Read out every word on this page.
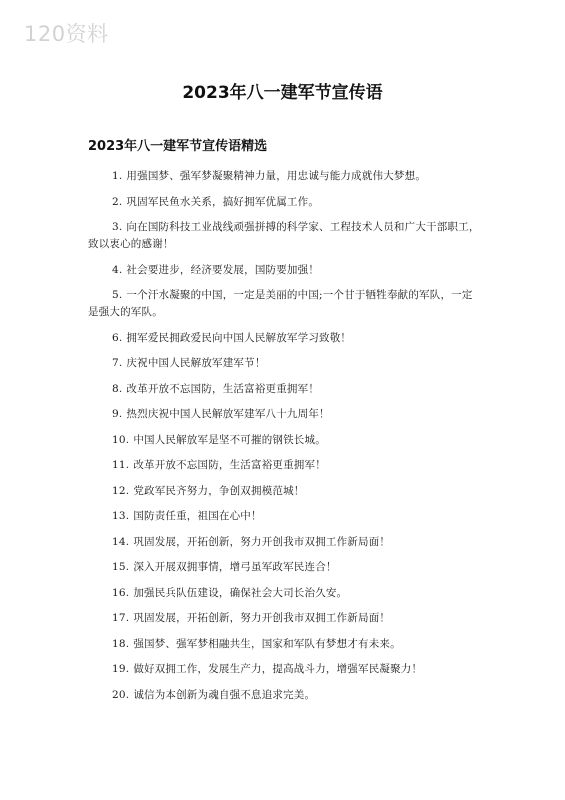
120资料
2023年八一建军节宣传语
2023年八一建军节宣传语精选

1. 用强国梦、强军梦凝聚精神力量，用忠诚与能力成就伟大梦想。

2. 巩固军民鱼水关系，搞好拥军优属工作。

3. 向在国防科技工业战线顽强拼搏的科学家、工程技术人员和广大干部职工，致以衷心的感谢！

4. 社会要进步，经济要发展，国防要加强！

5. 一个汗水凝聚的中国，一定是美丽的中国;一个甘于牺牲奉献的军队，一定是强大的军队。

6. 拥军爱民拥政爱民向中国人民解放军学习致敬！

7. 庆祝中国人民解放军建军节！

8. 改革开放不忘国防，生活富裕更重拥军！

9. 热烈庆祝中国人民解放军建军八十九周年！

10. 中国人民解放军是坚不可摧的钢铁长城。

11. 改革开放不忘国防，生活富裕更重拥军！

12. 党政军民齐努力，争创双拥模范城！

13. 国防责任重，祖国在心中！

14. 巩固发展，开拓创新，努力开创我市双拥工作新局面！

15. 深入开展双拥事情，增弓虽军政军民连合！

16. 加强民兵队伍建设，确保社会大司长治久安。

17. 巩固发展，开拓创新，努力开创我市双拥工作新局面！

18. 强国梦、强军梦相融共生，国家和军队有梦想才有未来。

19. 做好双拥工作，发展生产力，提高战斗力，增强军民凝聚力！

20. 诚信为本创新为魂自强不息追求完美。
